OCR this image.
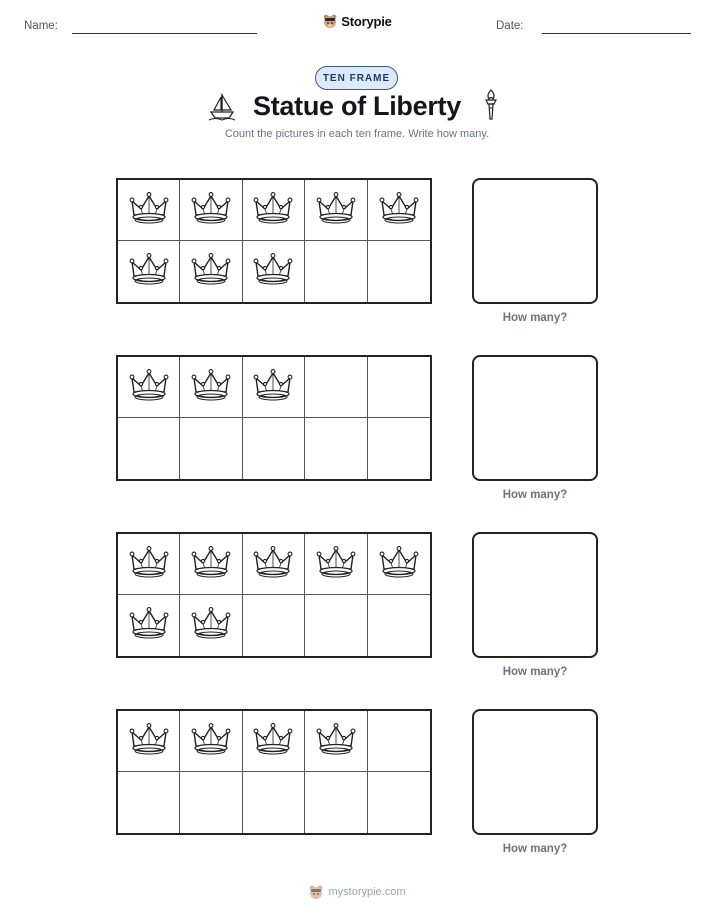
Name:	Storypie	Date:
TEN FRAME
Statue of Liberty
Count the pictures in each ten frame. Write how many.
How many?
How many?
How many?
How many?
mystorypie.com
